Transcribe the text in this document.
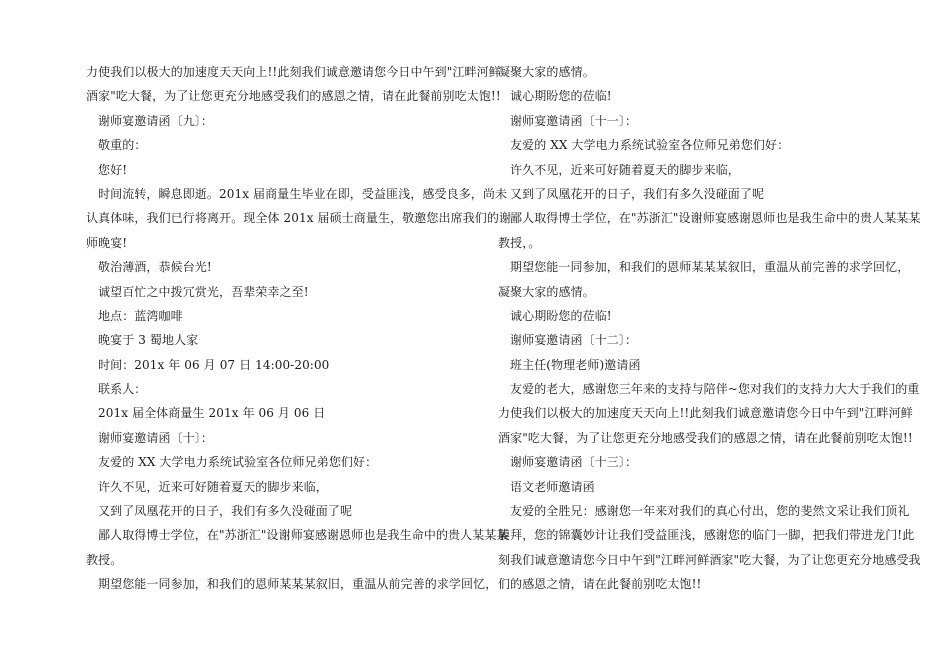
力使我们以极大的加速度天天向上!!此刻我们诚意邀请您今日中午到"江畔河鲜
酒家"吃大餐，为了让您更充分地感受我们的感恩之情，请在此餐前别吃太饱!!
谢师宴邀请函〔九〕：
敬重的：
您好!
时间流转，瞬息即逝。201x 届商量生毕业在即，受益匪浅，感受良多，尚未
认真体味，我们已行将离开。现全体 201x 届硕士商量生，敬邀您出席我们的谢
师晚宴!
敬治薄酒，恭候台光!
诚望百忙之中拨冗赏光，吾辈荣幸之至!
地点：蓝湾咖啡
晚宴于 3 蜀地人家
时间：201x 年 06 月 07 日 14:00-20:00
联系人：
201x 届全体商量生 201x 年 06 月 06 日
谢师宴邀请函〔十〕：
友爱的 XX 大学电力系统试验室各位师兄弟您们好：
许久不见，近来可好随着夏天的脚步来临，
又到了凤凰花开的日子，我们有多久没碰面了呢
鄙人取得博士学位，在"苏浙汇"设谢师宴感谢恩师也是我生命中的贵人某某某
教授。
期望您能一同参加，和我们的恩师某某某叙旧，重温从前完善的求学回忆，
凝聚大家的感情。
诚心期盼您的莅临!
谢师宴邀请函〔十一〕：
友爱的 XX 大学电力系统试验室各位师兄弟您们好：
许久不见，近来可好随着夏天的脚步来临，
又到了凤凰花开的日子，我们有多久没碰面了呢
鄙人取得博士学位，在"苏浙汇"设谢师宴感谢恩师也是我生命中的贵人某某某
教授，。
期望您能一同参加，和我们的恩师某某某叙旧，重温从前完善的求学回忆，
凝聚大家的感情。
诚心期盼您的莅临!
谢师宴邀请函〔十二〕：
班主任(物理老师)邀请函
友爱的老大，感谢您三年来的支持与陪伴~您对我们的支持力大大于我们的重
力使我们以极大的加速度天天向上!!此刻我们诚意邀请您今日中午到"江畔河鲜
酒家"吃大餐，为了让您更充分地感受我们的感恩之情，请在此餐前别吃太饱!!
谢师宴邀请函〔十三〕：
语文老师邀请函
友爱的全胜兄：感谢您一年来对我们的真心付出，您的斐然文采让我们顶礼
膜拜，您的锦囊妙计让我们受益匪浅，感谢您的临门一脚，把我们带进龙门!此
刻我们诚意邀请您今日中午到"江畔河鲜酒家"吃大餐，为了让您更充分地感受我
们的感恩之情，请在此餐前别吃太饱!!
